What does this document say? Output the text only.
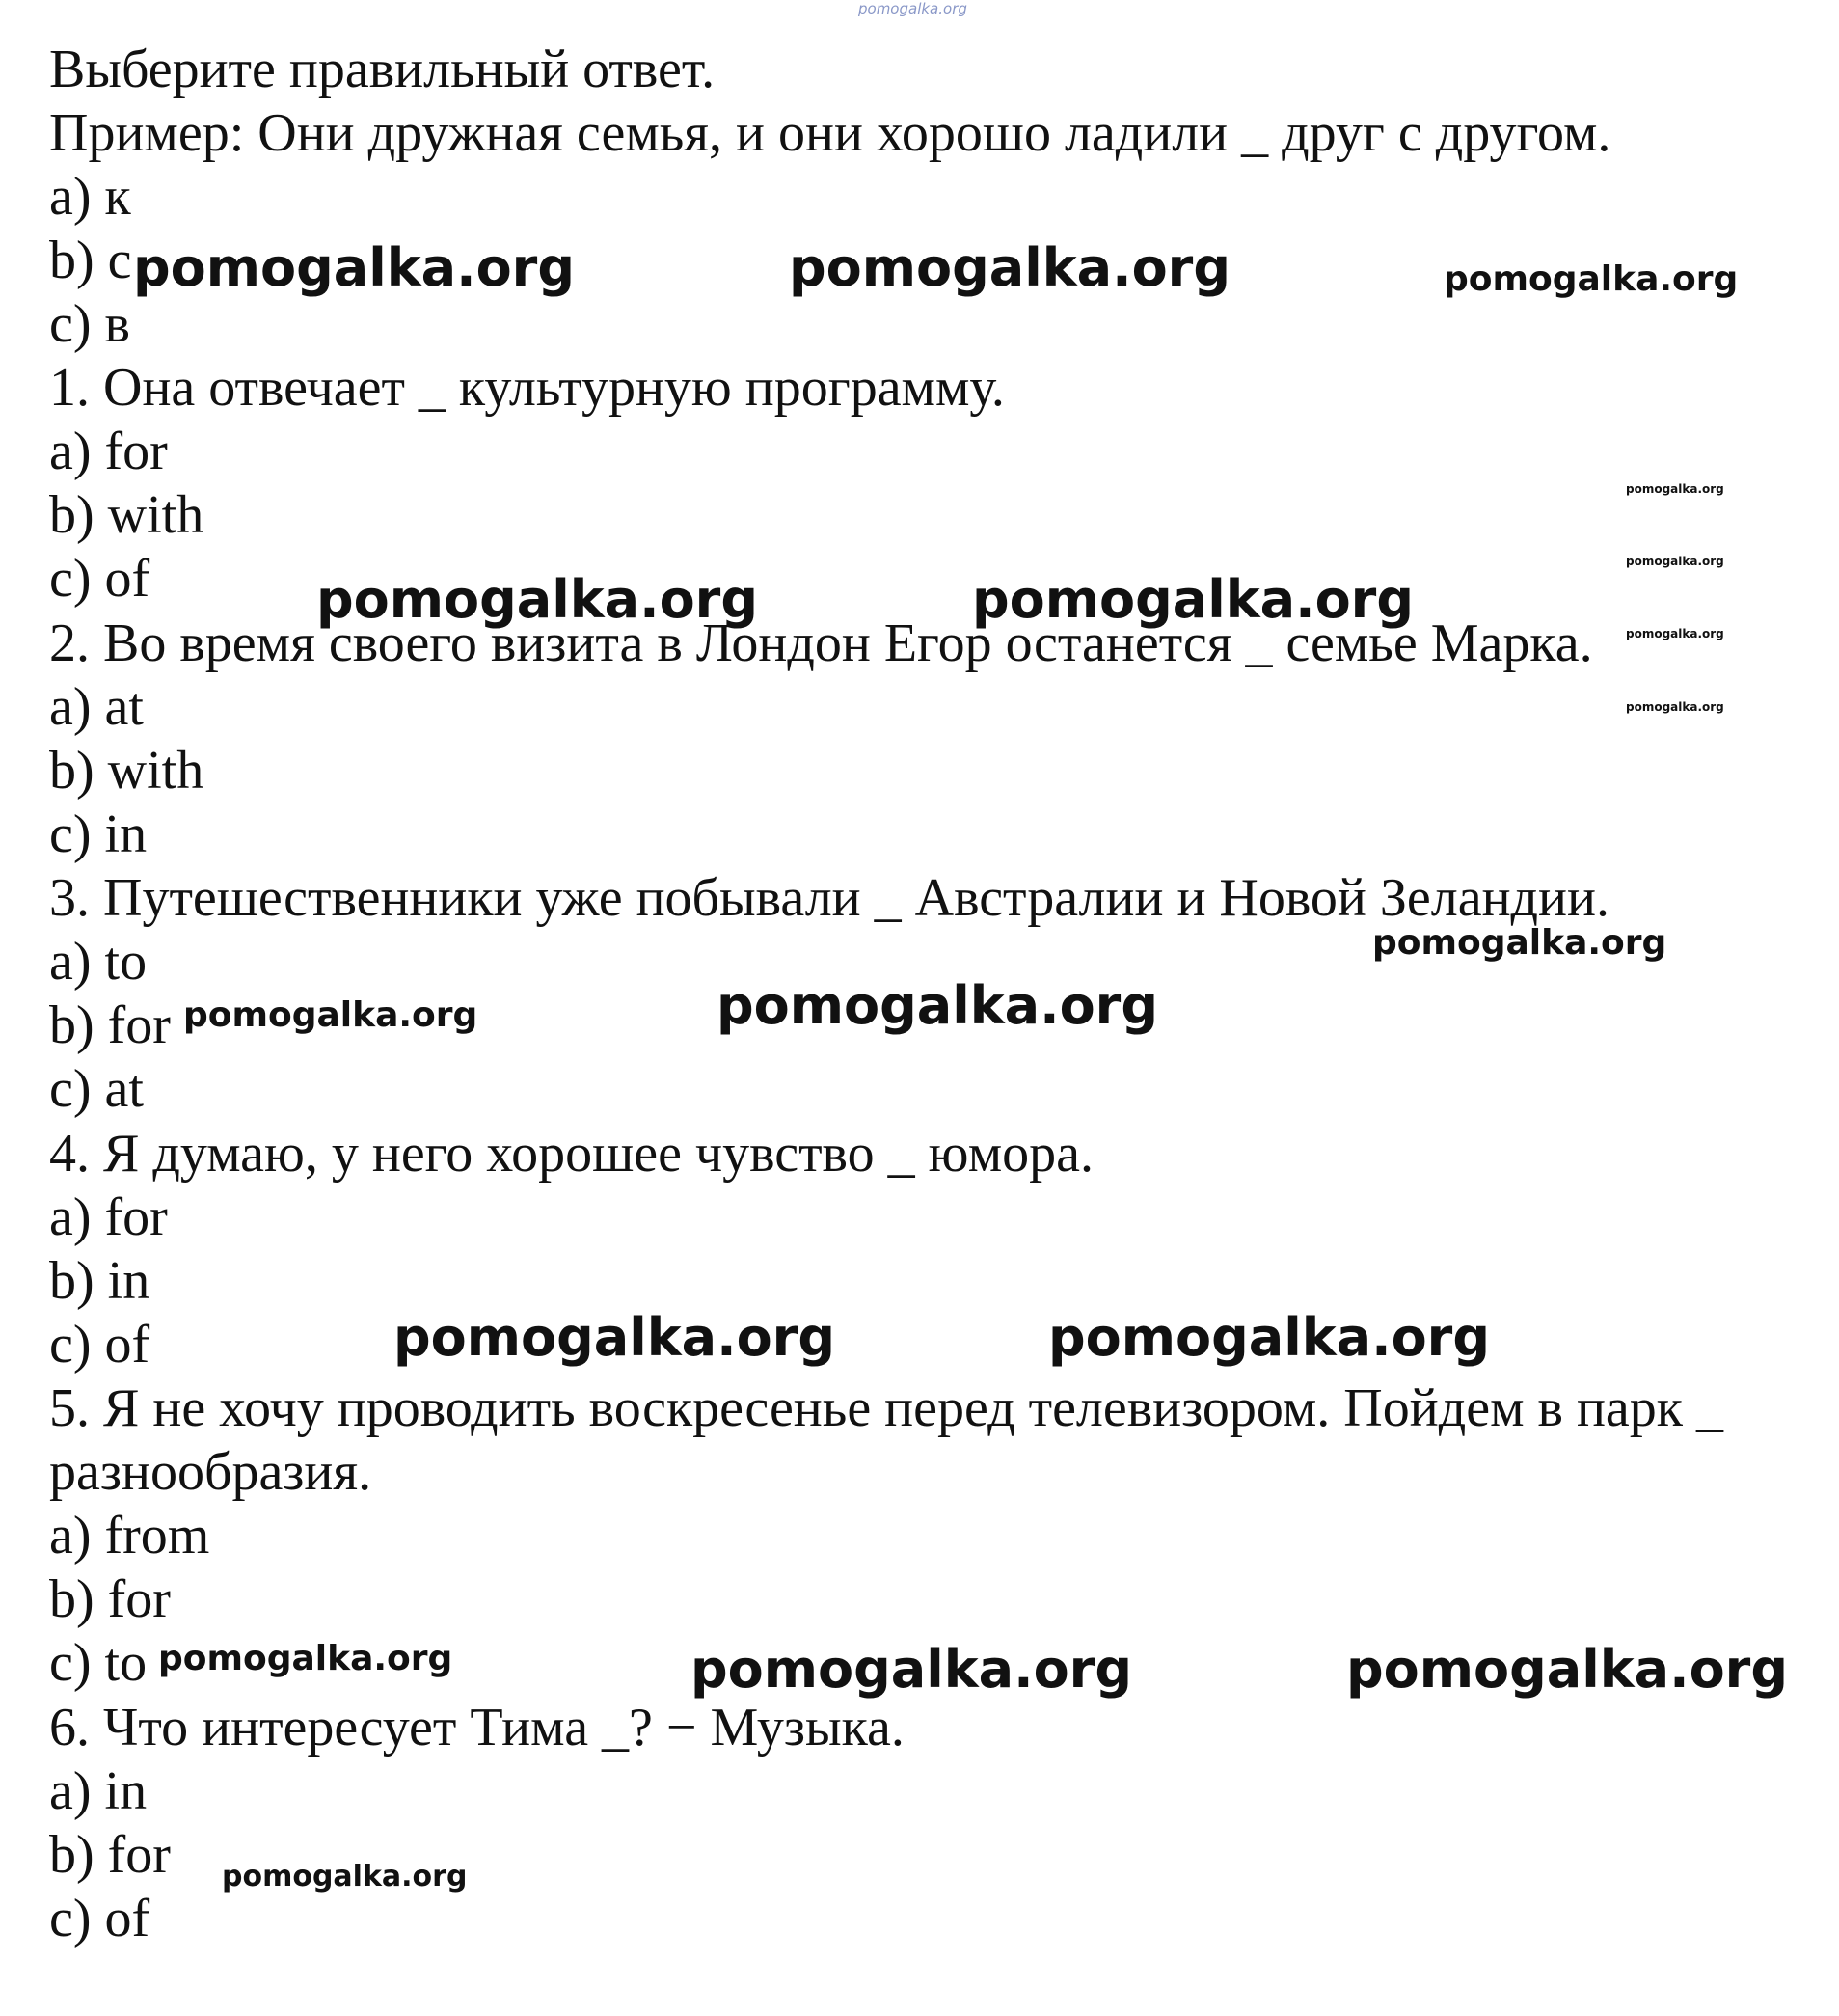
pomogalka.org
Выберите правильный ответ.
Пример: Они дружная семья, и они хорошо ладили _ друг с другом.
a) к
b) c
c) в
1. Она отвечает _ культурную программу.
a) for
b) with
c) of
2. Во время своего визита в Лондон Егор останется _ семье Марка.
a) at
b) with
c) in
3. Путешественники уже побывали _ Австралии и Новой Зеландии.
a) to
b) for
c) at
4. Я думаю, у него хорошее чувство _ юмора.
a) for
b) in
c) of
5. Я не хочу проводить воскресенье перед телевизором. Пойдем в парк _
разнообразия.
a) from
b) for
c) to
6. Что интересует Тима _? − Музыка.
a) in
b) for
c) of
pomogalka.org	pomogalka.org	pomogalka.org
pomogalka.org
pomogalka.org
pomogalka.org
pomogalka.org
pomogalka.org	pomogalka.org
pomogalka.org
pomogalka.org	pomogalka.org
pomogalka.org	pomogalka.org
pomogalka.org	pomogalka.org	pomogalka.org
pomogalka.org
